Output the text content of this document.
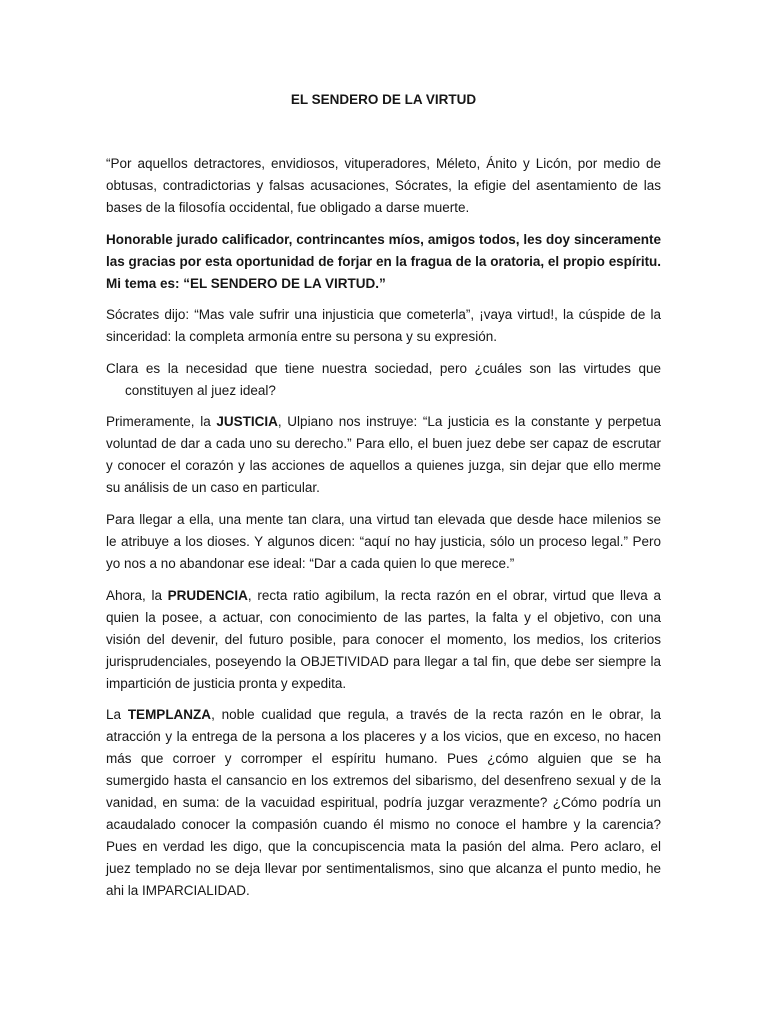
EL SENDERO DE LA VIRTUD
“Por aquellos detractores, envidiosos, vituperadores, Méleto, Ánito y Licón, por medio de
obtusas, contradictorias y falsas acusaciones, Sócrates, la efigie del asentamiento de las
bases de la filosofía occidental, fue obligado a darse muerte.
Honorable jurado calificador, contrincantes míos, amigos todos, les doy sinceramente
las gracias por esta oportunidad de forjar en la fragua de la oratoria, el propio espíritu.
Mi tema es: “EL SENDERO DE LA VIRTUD.”
Sócrates dijo: “Mas vale sufrir una injusticia que cometerla”, ¡vaya virtud!, la cúspide de la
sinceridad: la completa armonía entre su persona y su expresión.
Clara es la necesidad que tiene nuestra sociedad, pero ¿cuáles son las virtudes que
constituyen al juez ideal?
Primeramente, la JUSTICIA, Ulpiano nos instruye: “La justicia es la constante y perpetua
voluntad de dar a cada uno su derecho.” Para ello, el buen juez debe ser capaz de escrutar
y conocer el corazón y las acciones de aquellos a quienes juzga, sin dejar que ello merme
su análisis de un caso en particular.
Para llegar a ella, una mente tan clara, una virtud tan elevada que desde hace milenios se
le atribuye a los dioses. Y algunos dicen: “aquí no hay justicia, sólo un proceso legal.” Pero
yo nos a no abandonar ese ideal: “Dar a cada quien lo que merece.”
Ahora, la PRUDENCIA, recta ratio agibilum, la recta razón en el obrar, virtud que lleva a
quien la posee, a actuar, con conocimiento de las partes, la falta y el objetivo, con una
visión del devenir, del futuro posible, para conocer el momento, los medios, los criterios
jurisprudenciales, poseyendo la OBJETIVIDAD para llegar a tal fin, que debe ser siempre la
impartición de justicia pronta y expedita.
La TEMPLANZA, noble cualidad que regula, a través de la recta razón en le obrar, la
atracción y la entrega de la persona a los placeres y a los vicios, que en exceso, no hacen
más que corroer y corromper el espíritu humano. Pues ¿cómo alguien que se ha
sumergido hasta el cansancio en los extremos del sibarismo, del desenfreno sexual y de la
vanidad, en suma: de la vacuidad espiritual, podría juzgar verazmente? ¿Cómo podría un
acaudalado conocer la compasión cuando él mismo no conoce el hambre y la carencia?
Pues en verdad les digo, que la concupiscencia mata la pasión del alma. Pero aclaro, el
juez templado no se deja llevar por sentimentalismos, sino que alcanza el punto medio, he
ahi la IMPARCIALIDAD.
